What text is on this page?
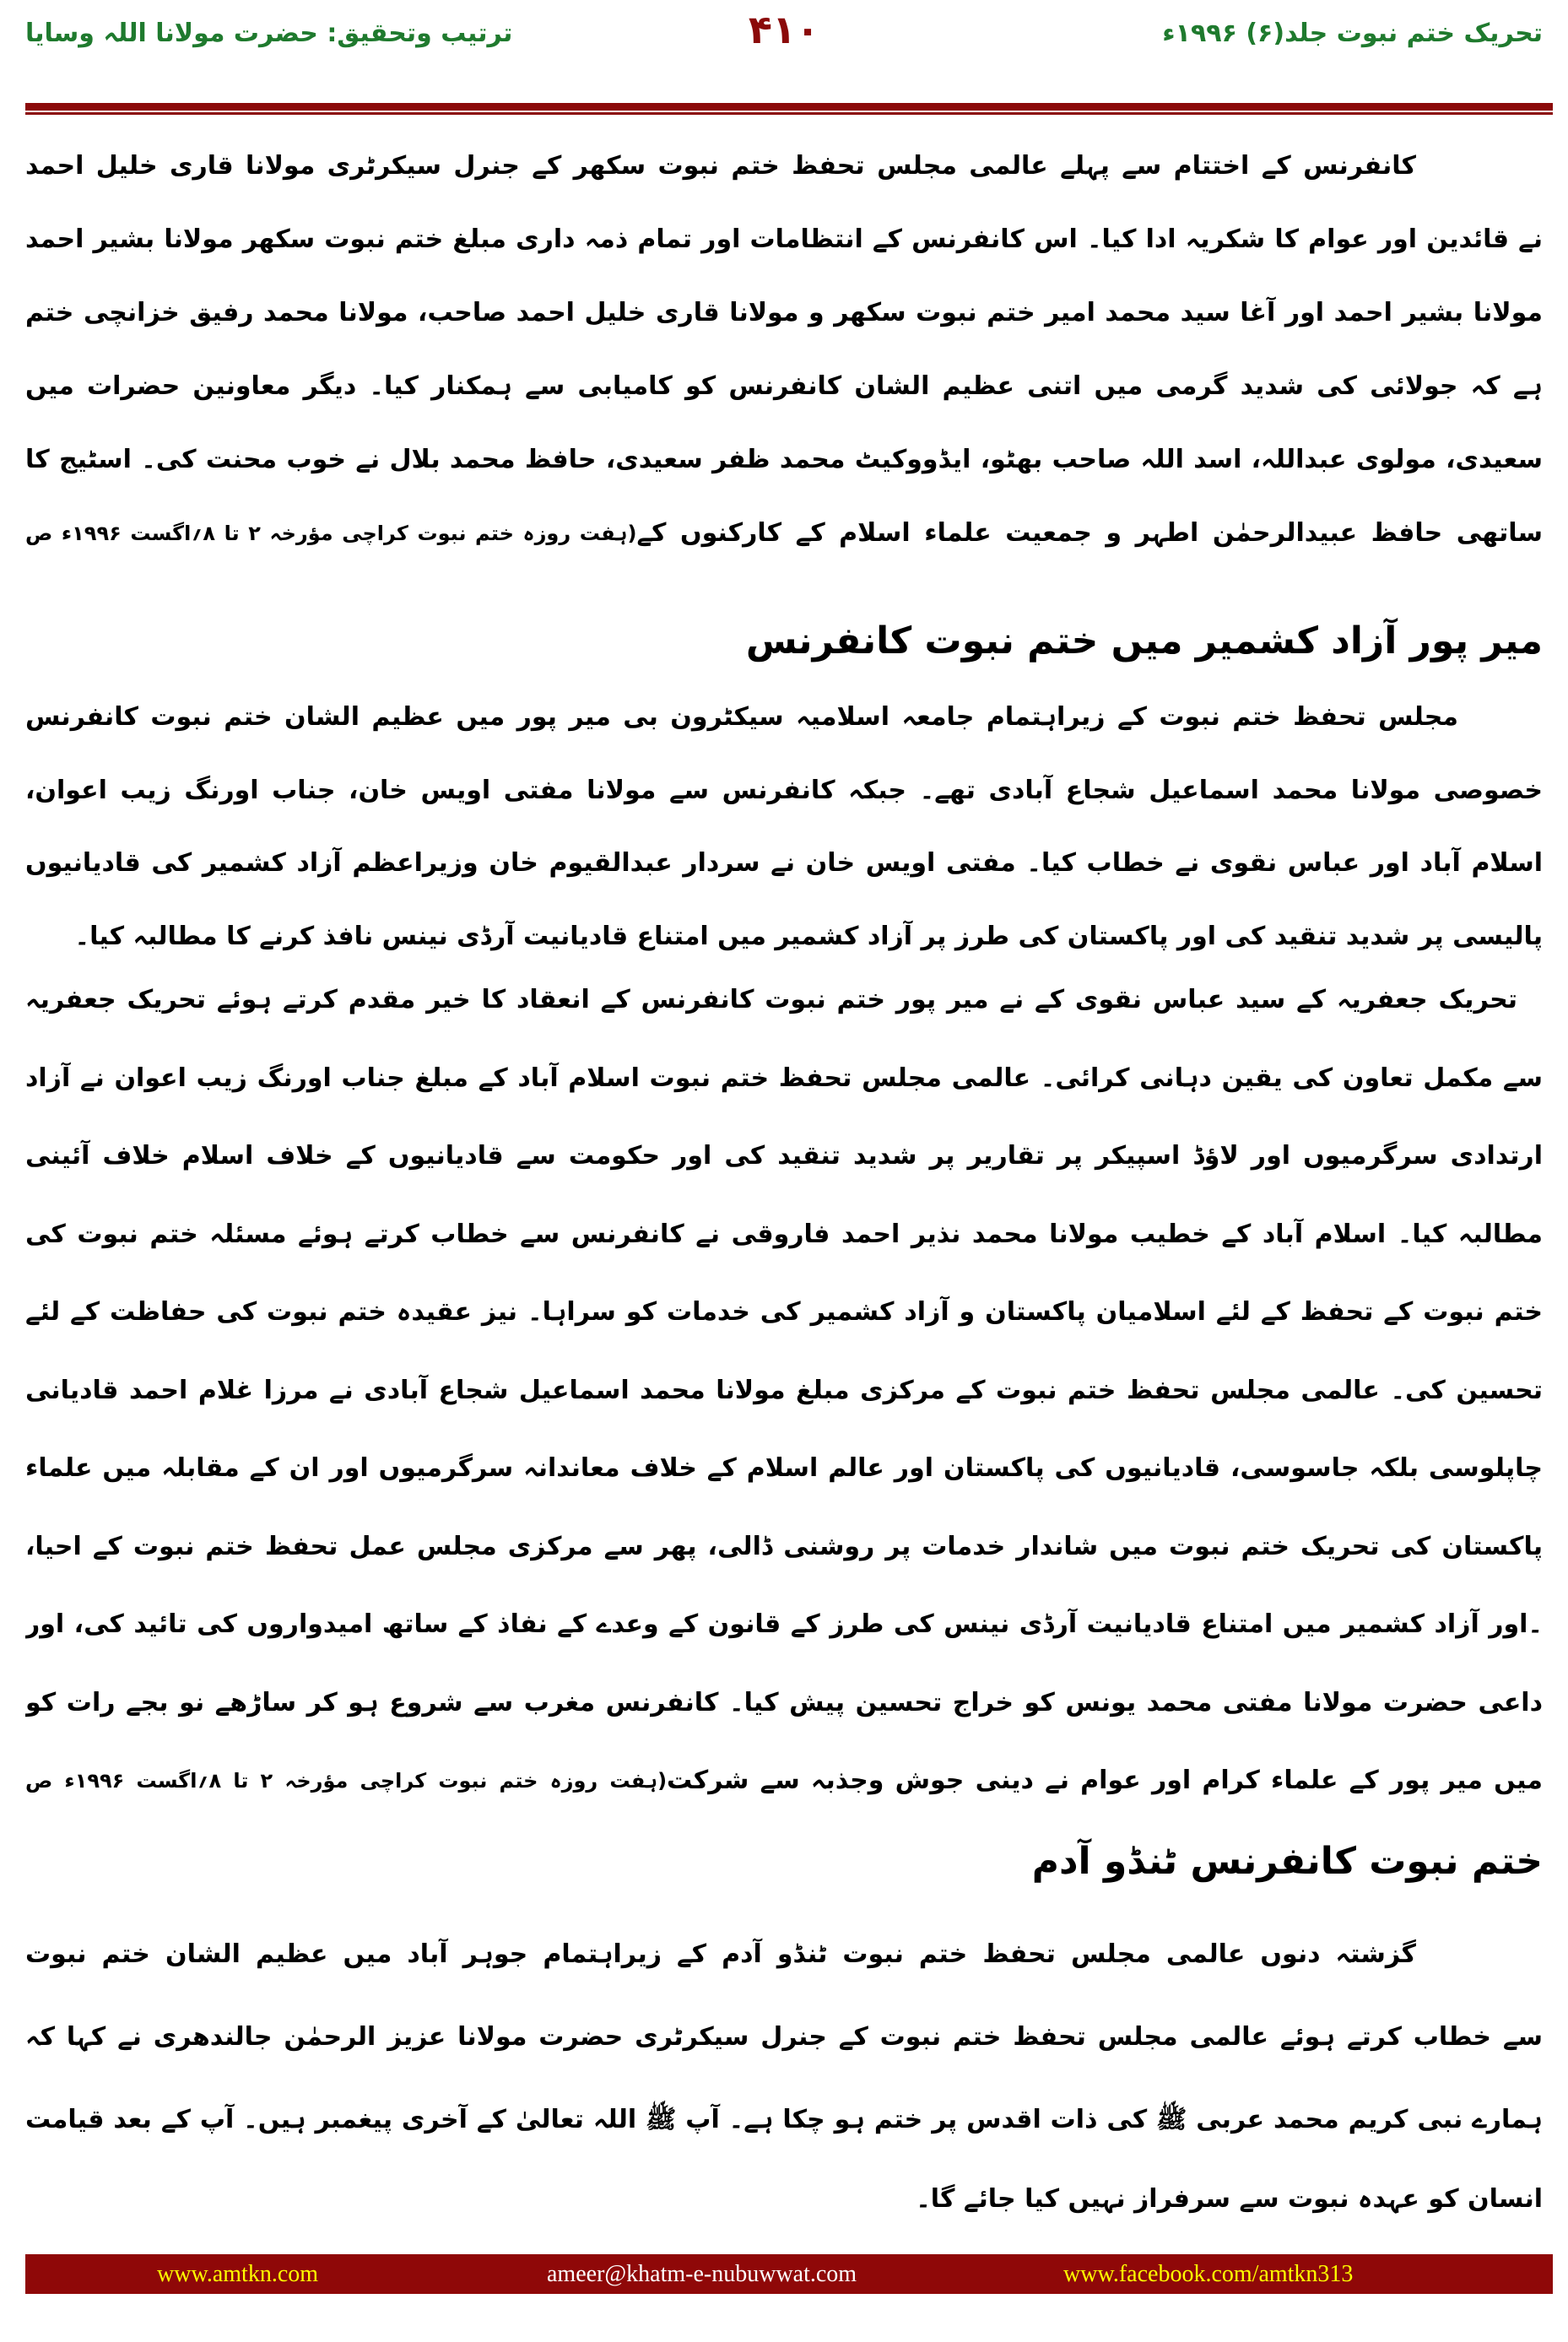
تحریک ختم نبوت جلد(۶) ۱۹۹۶ء
۴۱۰
ترتیب وتحقیق: حضرت مولانا اللہ وسایا
کانفرنس کے اختتام سے پہلے عالمی مجلس تحفظ ختم نبوت سکھر کے جنرل سیکرٹری مولانا قاری خلیل احمد
نے قائدین اور عوام کا شکریہ ادا کیا۔ اس کانفرنس کے انتظامات اور تمام ذمہ داری مبلغ ختم نبوت سکھر مولانا بشیر احمد
مولانا بشیر احمد اور آغا سید محمد امیر ختم نبوت سکھر و مولانا قاری خلیل احمد صاحب، مولانا محمد رفیق خزانچی ختم
ہے کہ جولائی کی شدید گرمی میں اتنی عظیم الشان کانفرنس کو کامیابی سے ہمکنار کیا۔ دیگر معاونین حضرات میں
سعیدی، مولوی عبداللہ، اسد اللہ صاحب بھٹو، ایڈووکیٹ محمد ظفر سعیدی، حافظ محمد بلال نے خوب محنت کی۔ اسٹیج کا
ساتھی حافظ عبیدالرحمٰن اطہر و جمعیت علماء اسلام کے کارکنوں کے
(ہفت روزہ ختم نبوت کراچی مؤرخہ ۲ تا ۸؍اگست ۱۹۹۶ء ص
میر پور آزاد کشمیر میں ختم نبوت کانفرنس
مجلس تحفظ ختم نبوت کے زیراہتمام جامعہ اسلامیہ سیکٹرون بی میر پور میں عظیم الشان ختم نبوت کانفرنس
خصوصی مولانا محمد اسماعیل شجاع آبادی تھے۔ جبکہ کانفرنس سے مولانا مفتی اویس خان، جناب اورنگ زیب اعوان،
اسلام آباد اور عباس نقوی نے خطاب کیا۔ مفتی اویس خان نے سردار عبدالقیوم خان وزیراعظم آزاد کشمیر کی قادیانیوں
پالیسی پر شدید تنقید کی اور پاکستان کی طرز پر آزاد کشمیر میں امتناع قادیانیت آرڈی نینس نافذ کرنے کا مطالبہ کیا۔
تحریک جعفریہ کے سید عباس نقوی کے نے میر پور ختم نبوت کانفرنس کے انعقاد کا خیر مقدم کرتے ہوئے تحریک جعفریہ
سے مکمل تعاون کی یقین دہانی کرائی۔ عالمی مجلس تحفظ ختم نبوت اسلام آباد کے مبلغ جناب اورنگ زیب اعوان نے آزاد
ارتدادی سرگرمیوں اور لاؤڈ اسپیکر پر تقاریر پر شدید تنقید کی اور حکومت سے قادیانیوں کے خلاف اسلام خلاف آئینی
مطالبہ کیا۔ اسلام آباد کے خطیب مولانا محمد نذیر احمد فاروقی نے کانفرنس سے خطاب کرتے ہوئے مسئلہ ختم نبوت کی
ختم نبوت کے تحفظ کے لئے اسلامیان پاکستان و آزاد کشمیر کی خدمات کو سراہا۔ نیز عقیدہ ختم نبوت کی حفاظت کے لئے
تحسین کی۔ عالمی مجلس تحفظ ختم نبوت کے مرکزی مبلغ مولانا محمد اسماعیل شجاع آبادی نے مرزا غلام احمد قادیانی
چاپلوسی بلکہ جاسوسی، قادیانیوں کی پاکستان اور عالم اسلام کے خلاف معاندانہ سرگرمیوں اور ان کے مقابلہ میں علماء
پاکستان کی تحریک ختم نبوت میں شاندار خدمات پر روشنی ڈالی، پھر سے مرکزی مجلس عمل تحفظ ختم نبوت کے احیا،
۔اور آزاد کشمیر میں امتناع قادیانیت آرڈی نینس کی طرز کے قانون کے وعدے کے نفاذ کے ساتھ امیدواروں کی تائید کی، اور
داعی حضرت مولانا مفتی محمد یونس کو خراج تحسین پیش کیا۔ کانفرنس مغرب سے شروع ہو کر ساڑھے نو بجے رات کو
میں میر پور کے علماء کرام اور عوام نے دینی جوش وجذبہ سے شرکت
(ہفت روزہ ختم نبوت کراچی مؤرخہ ۲ تا ۸؍اگست ۱۹۹۶ء ص
ختم نبوت کانفرنس ٹنڈو آدم
گزشتہ دنوں عالمی مجلس تحفظ ختم نبوت ٹنڈو آدم کے زیراہتمام جوہر آباد میں عظیم الشان ختم نبوت
سے خطاب کرتے ہوئے عالمی مجلس تحفظ ختم نبوت کے جنرل سیکرٹری حضرت مولانا عزیز الرحمٰن جالندھری نے کہا کہ
ہمارے نبی کریم محمد عربی ﷺ کی ذات اقدس پر ختم ہو چکا ہے۔ آپ ﷺ اللہ تعالیٰ کے آخری پیغمبر ہیں۔ آپ کے بعد قیامت
انسان کو عہدہ نبوت سے سرفراز نہیں کیا جائے گا۔
www.amtkn.com	ameer@khatm-e-nubuwwat.com	www.facebook.com/amtkn313
